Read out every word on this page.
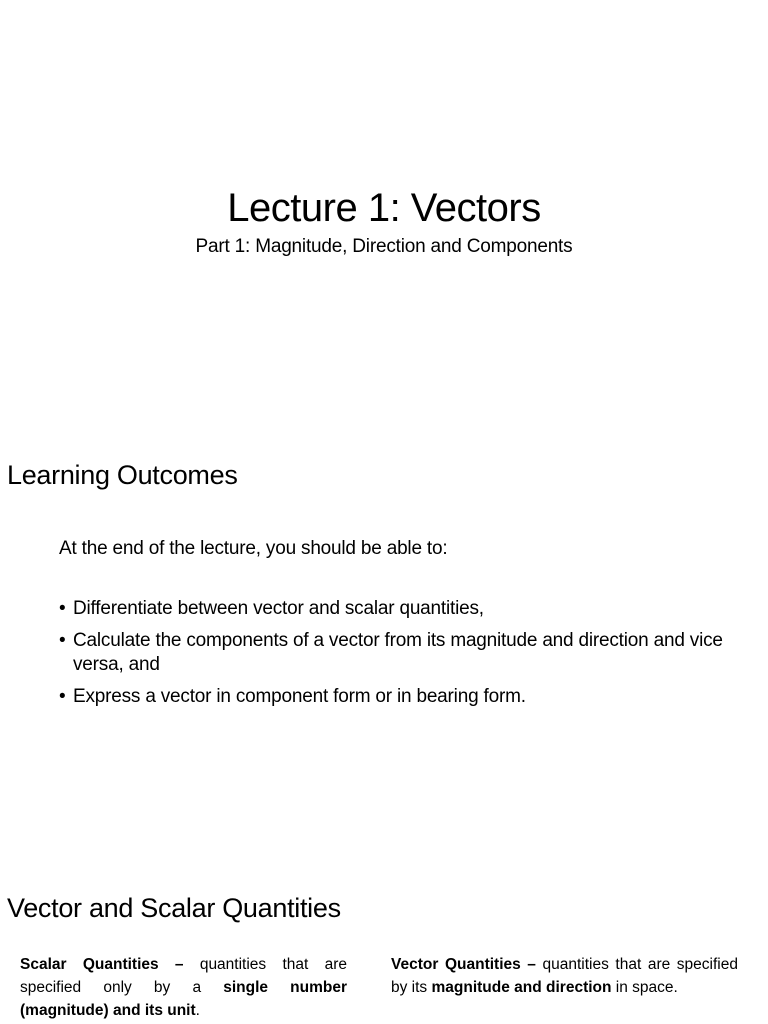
Lecture 1: Vectors
Part 1: Magnitude, Direction and Components
Learning Outcomes
At the end of the lecture, you should be able to:
• Differentiate between vector and scalar quantities,
• Calculate the components of a vector from its magnitude and direction and vice versa, and
• Express a vector in component form or in bearing form.
Vector and Scalar Quantities
Scalar Quantities – quantities that are specified only by a single number (magnitude) and its unit.
Vector Quantities – quantities that are specified by its magnitude and direction in space.
